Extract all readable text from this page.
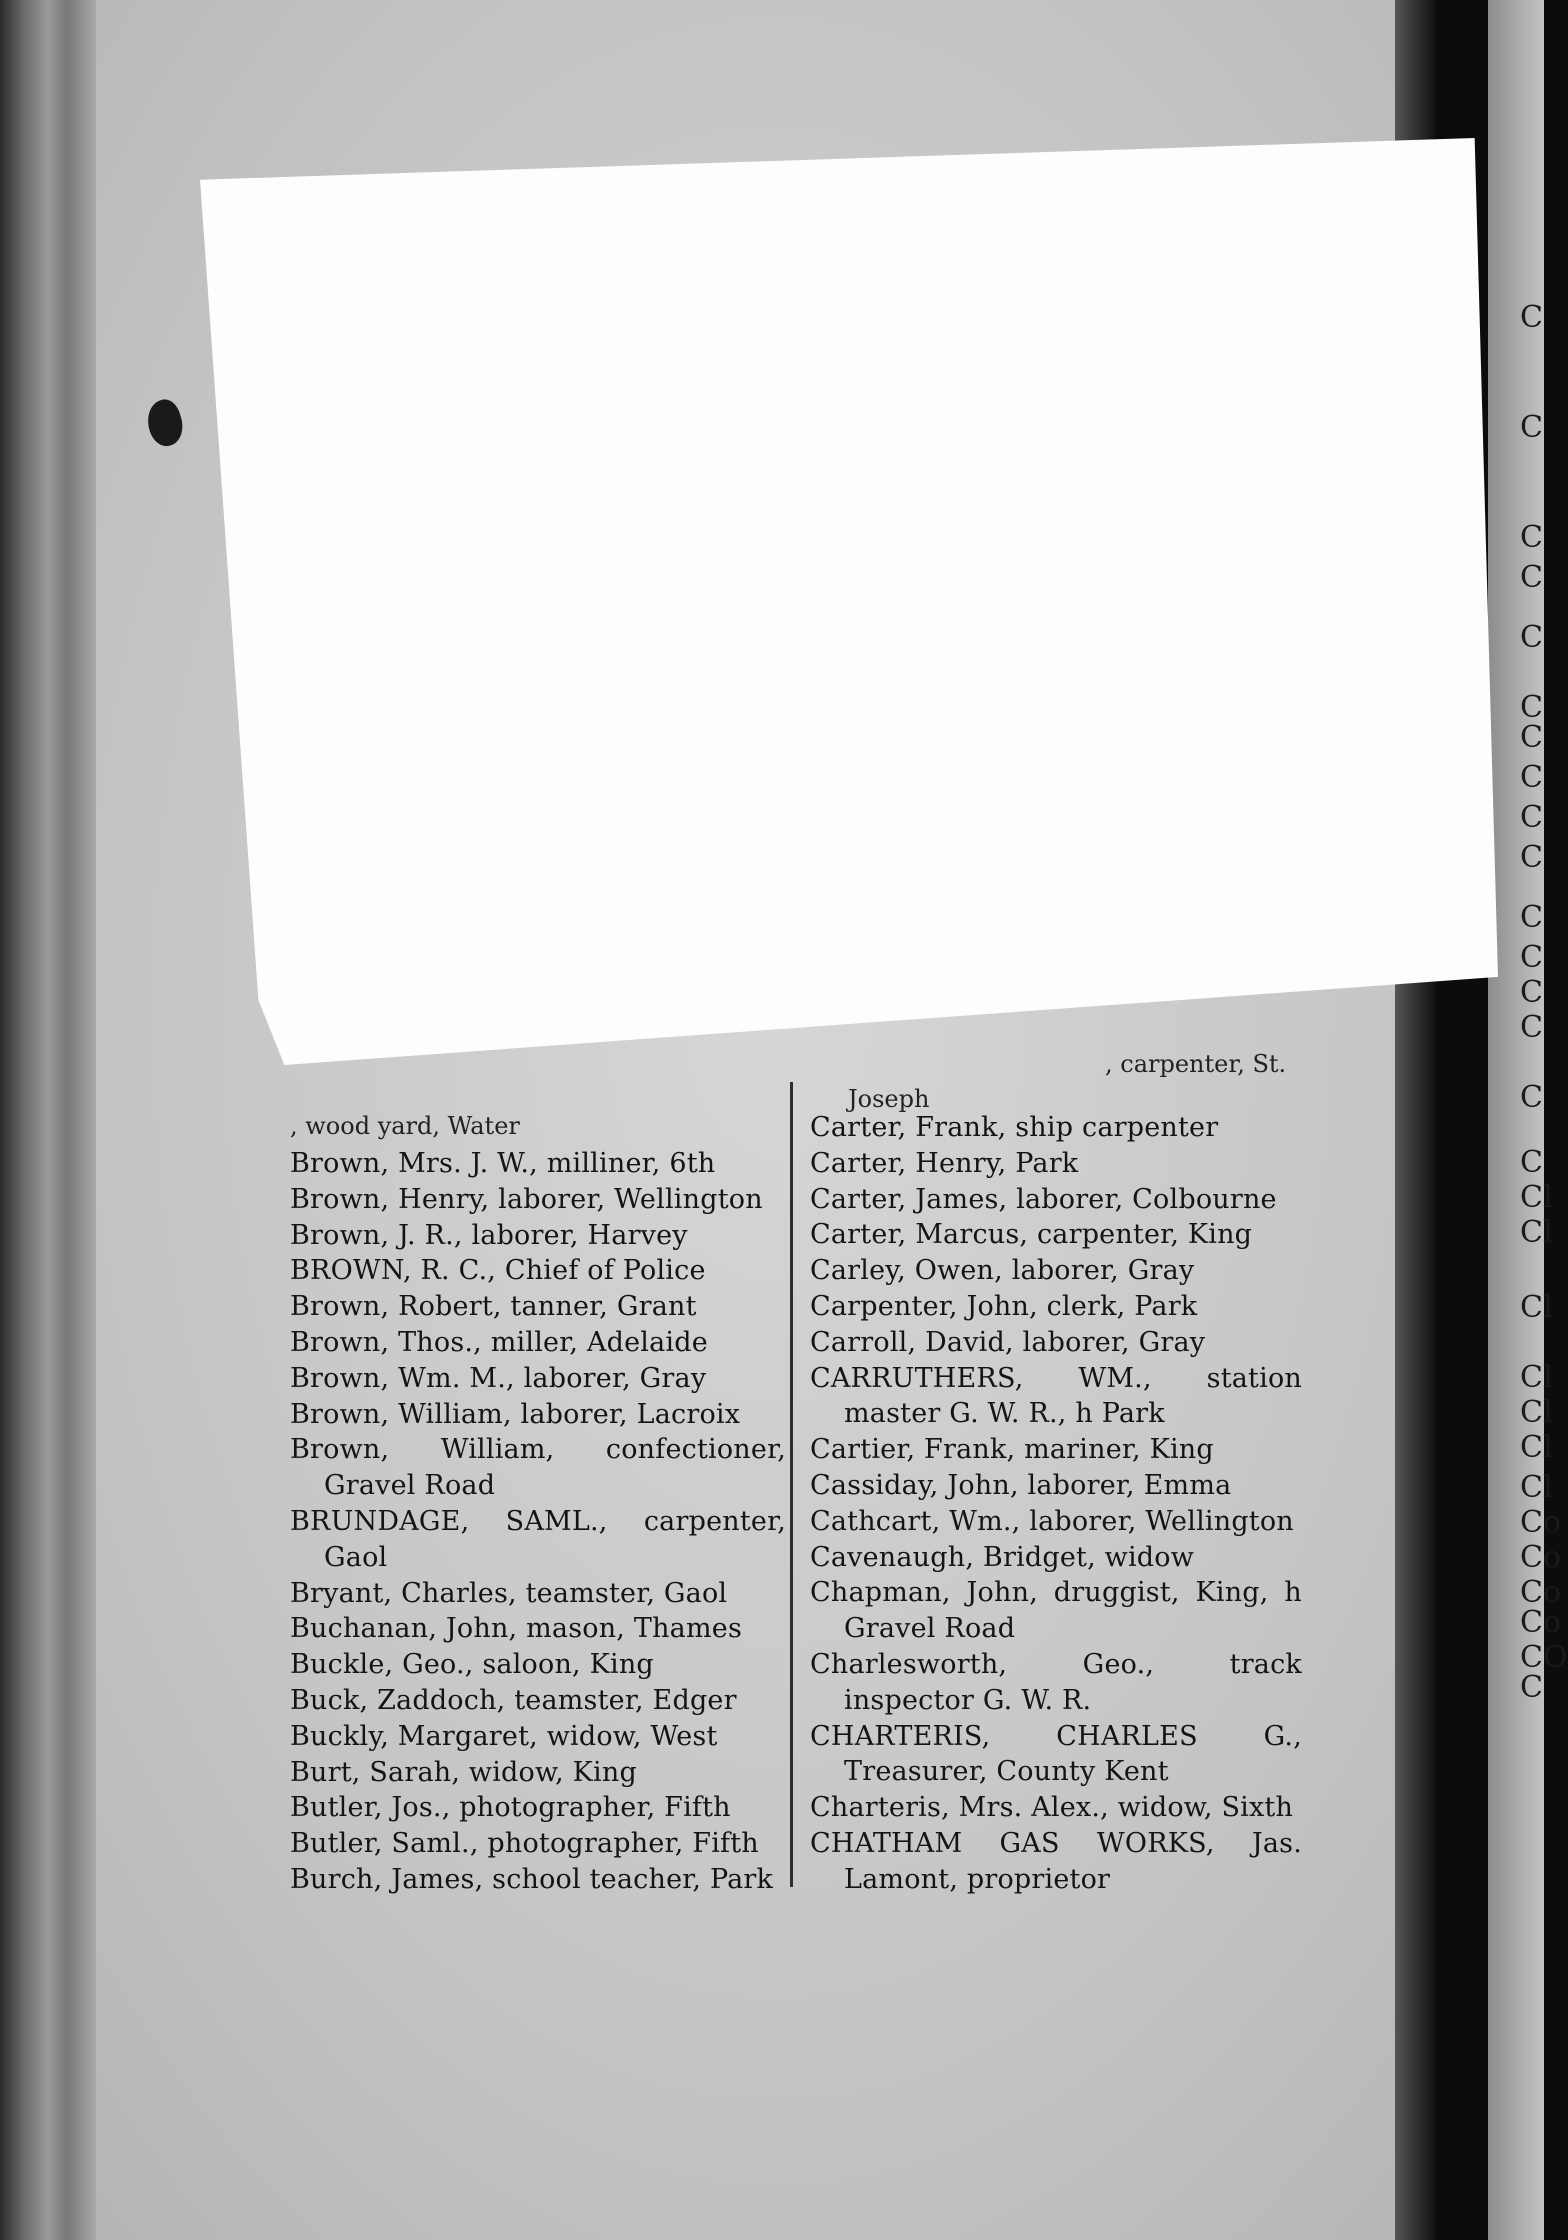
, wood yard, Water
, carpenter, St.
Joseph
Brown, Mrs. J. W., milliner, 6th
Brown, Henry, laborer, Wellington
Brown, J. R., laborer, Harvey
BROWN, R. C., Chief of Police
Brown, Robert, tanner, Grant
Brown, Thos., miller, Adelaide
Brown, Wm. M., laborer, Gray
Brown, William, laborer, Lacroix
Brown, William, confectioner, Gravel Road
BRUNDAGE, SAML., carpenter, Gaol
Bryant, Charles, teamster, Gaol
Buchanan, John, mason, Thames
Buckle, Geo., saloon, King
Buck, Zaddoch, teamster, Edger
Buckly, Margaret, widow, West
Burt, Sarah, widow, King
Butler, Jos., photographer, Fifth
Butler, Saml., photographer, Fifth
Burch, James, school teacher, Park
Carter, Frank, ship carpenter
Carter, Henry, Park
Carter, James, laborer, Colbourne
Carter, Marcus, carpenter, King
Carley, Owen, laborer, Gray
Carpenter, John, clerk, Park
Carroll, David, laborer, Gray
CARRUTHERS, WM., station master G. W. R., h Park
Cartier, Frank, mariner, King
Cassiday, John, laborer, Emma
Cathcart, Wm., laborer, Wellington
Cavenaugh, Bridget, widow
Chapman, John, druggist, King, h Gravel Road
Charlesworth, Geo., track inspector G. W. R.
CHARTERIS, CHARLES G., Treasurer, County Kent
Charteris, Mrs. Alex., widow, Sixth
CHATHAM GAS WORKS, Jas. Lamont, proprietor
C
C
C
C
C
C
C
C
C
C
C
C
C
C
C
C
Cl
Cl
Cl
Cl
Cl
Cl
Cl
Co
Co
Co
Co
CO
C
